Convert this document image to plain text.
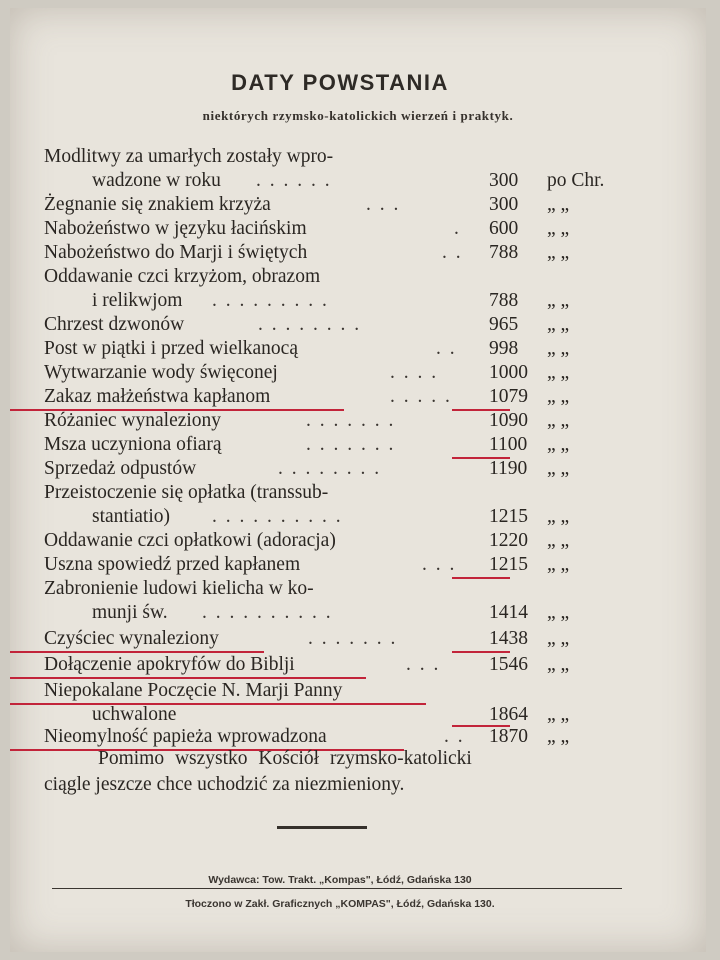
DATY POWSTANIA
niektórych rzymsko-katolickich wierzeń i praktyk.
Modlitwy za umarłych zostały wpro-
wadzone w roku . . . . . .	300	po Chr.
Żegnanie się znakiem krzyża	. . .	300	„ „
Nabożeństwo w języku łacińskim	. 600	„ „
Nabożeństwo do Marji i świętych	. . 788	„ „
Oddawanie czci krzyżom, obrazom
i relikwjom . . . . . . . . .	788	„ „
Chrzest dzwonów	. . . . . . . .	965	„ „
Post w piątki i przed wielkanocą	. . 998	„ „
Wytwarzanie wody święconej	. . . .	1000 „ „
Zakaz małżeństwa kapłanom	. . . . . 1079 „ „
Różaniec wynaleziony	. . . . . . .	1090 „ „
Msza uczyniona ofiarą	. . . . . . .	1100	„ „
Sprzedaż odpustów	. . . . . . . .	1190	„ „
Przeistoczenie się opłatka (transsub-
stantiatio) . . . . . . . . . .	1215 „ „
Oddawanie czci opłatkowi (adoracja)	1220 „ „
Uszna spowiedź przed kapłanem	. . . 1215 „ „
Zabronienie ludowi kielicha w ko-
munji św. . . . . . . . . . .	1414 „ „
Czyściec wynaleziony	. . . . . . .	1438 „ „
Dołączenie apokryfów do Biblji	. . . 1546 „ „
Niepokalane Poczęcie N. Marji Panny
uchwalone	1864 „ „
Nieomylność papieża wprowadzona	. . 1870 „ „
Pomimo wszystko Kościół rzymsko-katolicki
ciągle jeszcze chce uchodzić za niezmieniony.
Wydawca: Tow. Trakt. „Kompas", Łódź, Gdańska 130
Tłoczono w Zakł. Graficznych „KOMPAS", Łódź, Gdańska 130.
